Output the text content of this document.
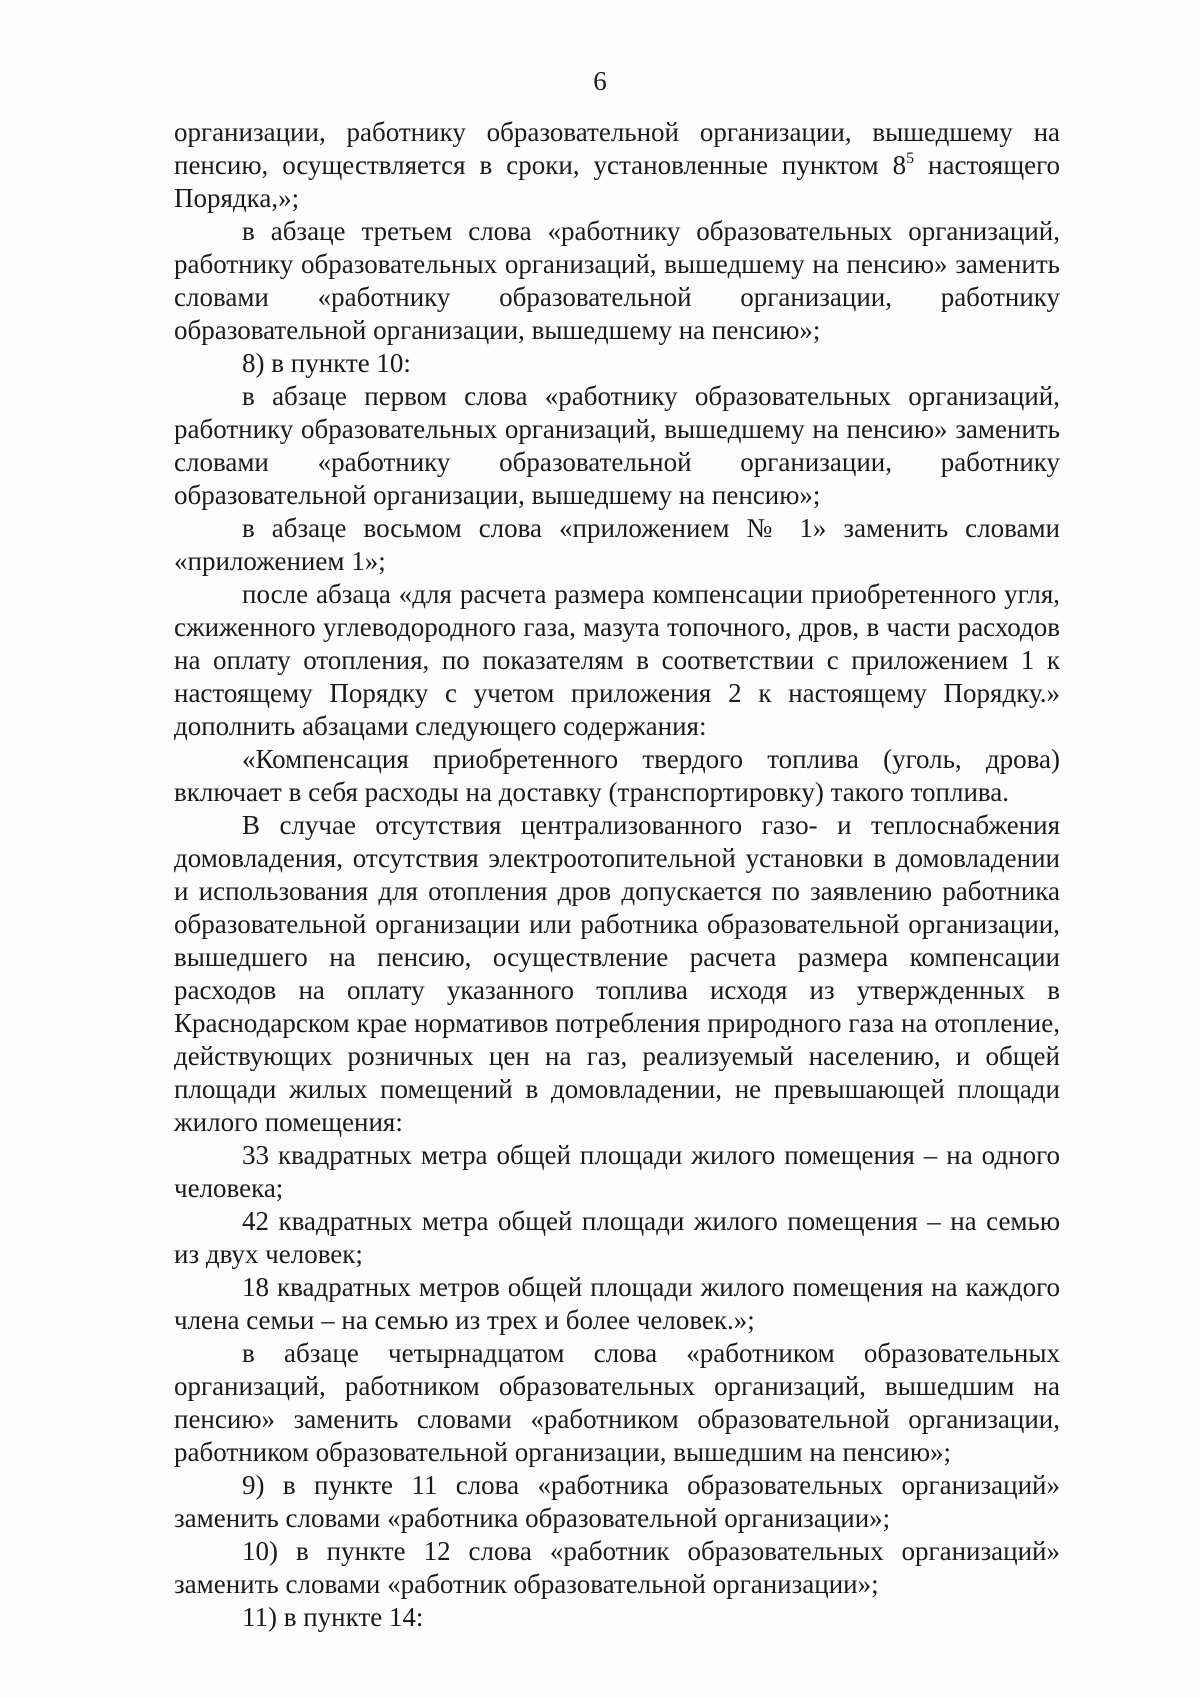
6

организации, работнику образовательной организации, вышедшему на пенсию, осуществляется в сроки, установленные пунктом $8^5$ настоящего Порядка,»;

в абзаце третьем слова «работнику образовательных организаций, работнику образовательных организаций, вышедшему на пенсию» заменить словами «работнику образовательной организации, работнику образовательной организации, вышедшему на пенсию»;

8) в пункте 10:

в абзаце первом слова «работнику образовательных организаций, работнику образовательных организаций, вышедшему на пенсию» заменить словами «работнику образовательной организации, работнику образовательной организации, вышедшему на пенсию»;

в абзаце восьмом слова «приложением № 1» заменить словами «приложением 1»;

после абзаца «для расчета размера компенсации приобретенного угля, сжиженного углеводородного газа, мазута топочного, дров, в части расходов на оплату отопления, по показателям в соответствии с приложением 1 к настоящему Порядку с учетом приложения 2 к настоящему Порядку.» дополнить абзацами следующего содержания:

«Компенсация приобретенного твердого топлива (уголь, дрова) включает в себя расходы на доставку (транспортировку) такого топлива.

В случае отсутствия централизованного газо- и теплоснабжения домовладения, отсутствия электроотопительной установки в домовладении и использования для отопления дров допускается по заявлению работника образовательной организации или работника образовательной организации, вышедшего на пенсию, осуществление расчета размера компенсации расходов на оплату указанного топлива исходя из утвержденных в Краснодарском крае нормативов потребления природного газа на отопление, действующих розничных цен на газ, реализуемый населению, и общей площади жилых помещений в домовладении, не превышающей площади жилого помещения:

33 квадратных метра общей площади жилого помещения – на одного человека;

42 квадратных метра общей площади жилого помещения – на семью из двух человек;

18 квадратных метров общей площади жилого помещения на каждого члена семьи – на семью из трех и более человек.»;

в абзаце четырнадцатом слова «работником образовательных организаций, работником образовательных организаций, вышедшим на пенсию» заменить словами «работником образовательной организации, работником образовательной организации, вышедшим на пенсию»;

9) в пункте 11 слова «работника образовательных организаций» заменить словами «работника образовательной организации»;

10) в пункте 12 слова «работник образовательных организаций» заменить словами «работник образовательной организации»;

11) в пункте 14:
